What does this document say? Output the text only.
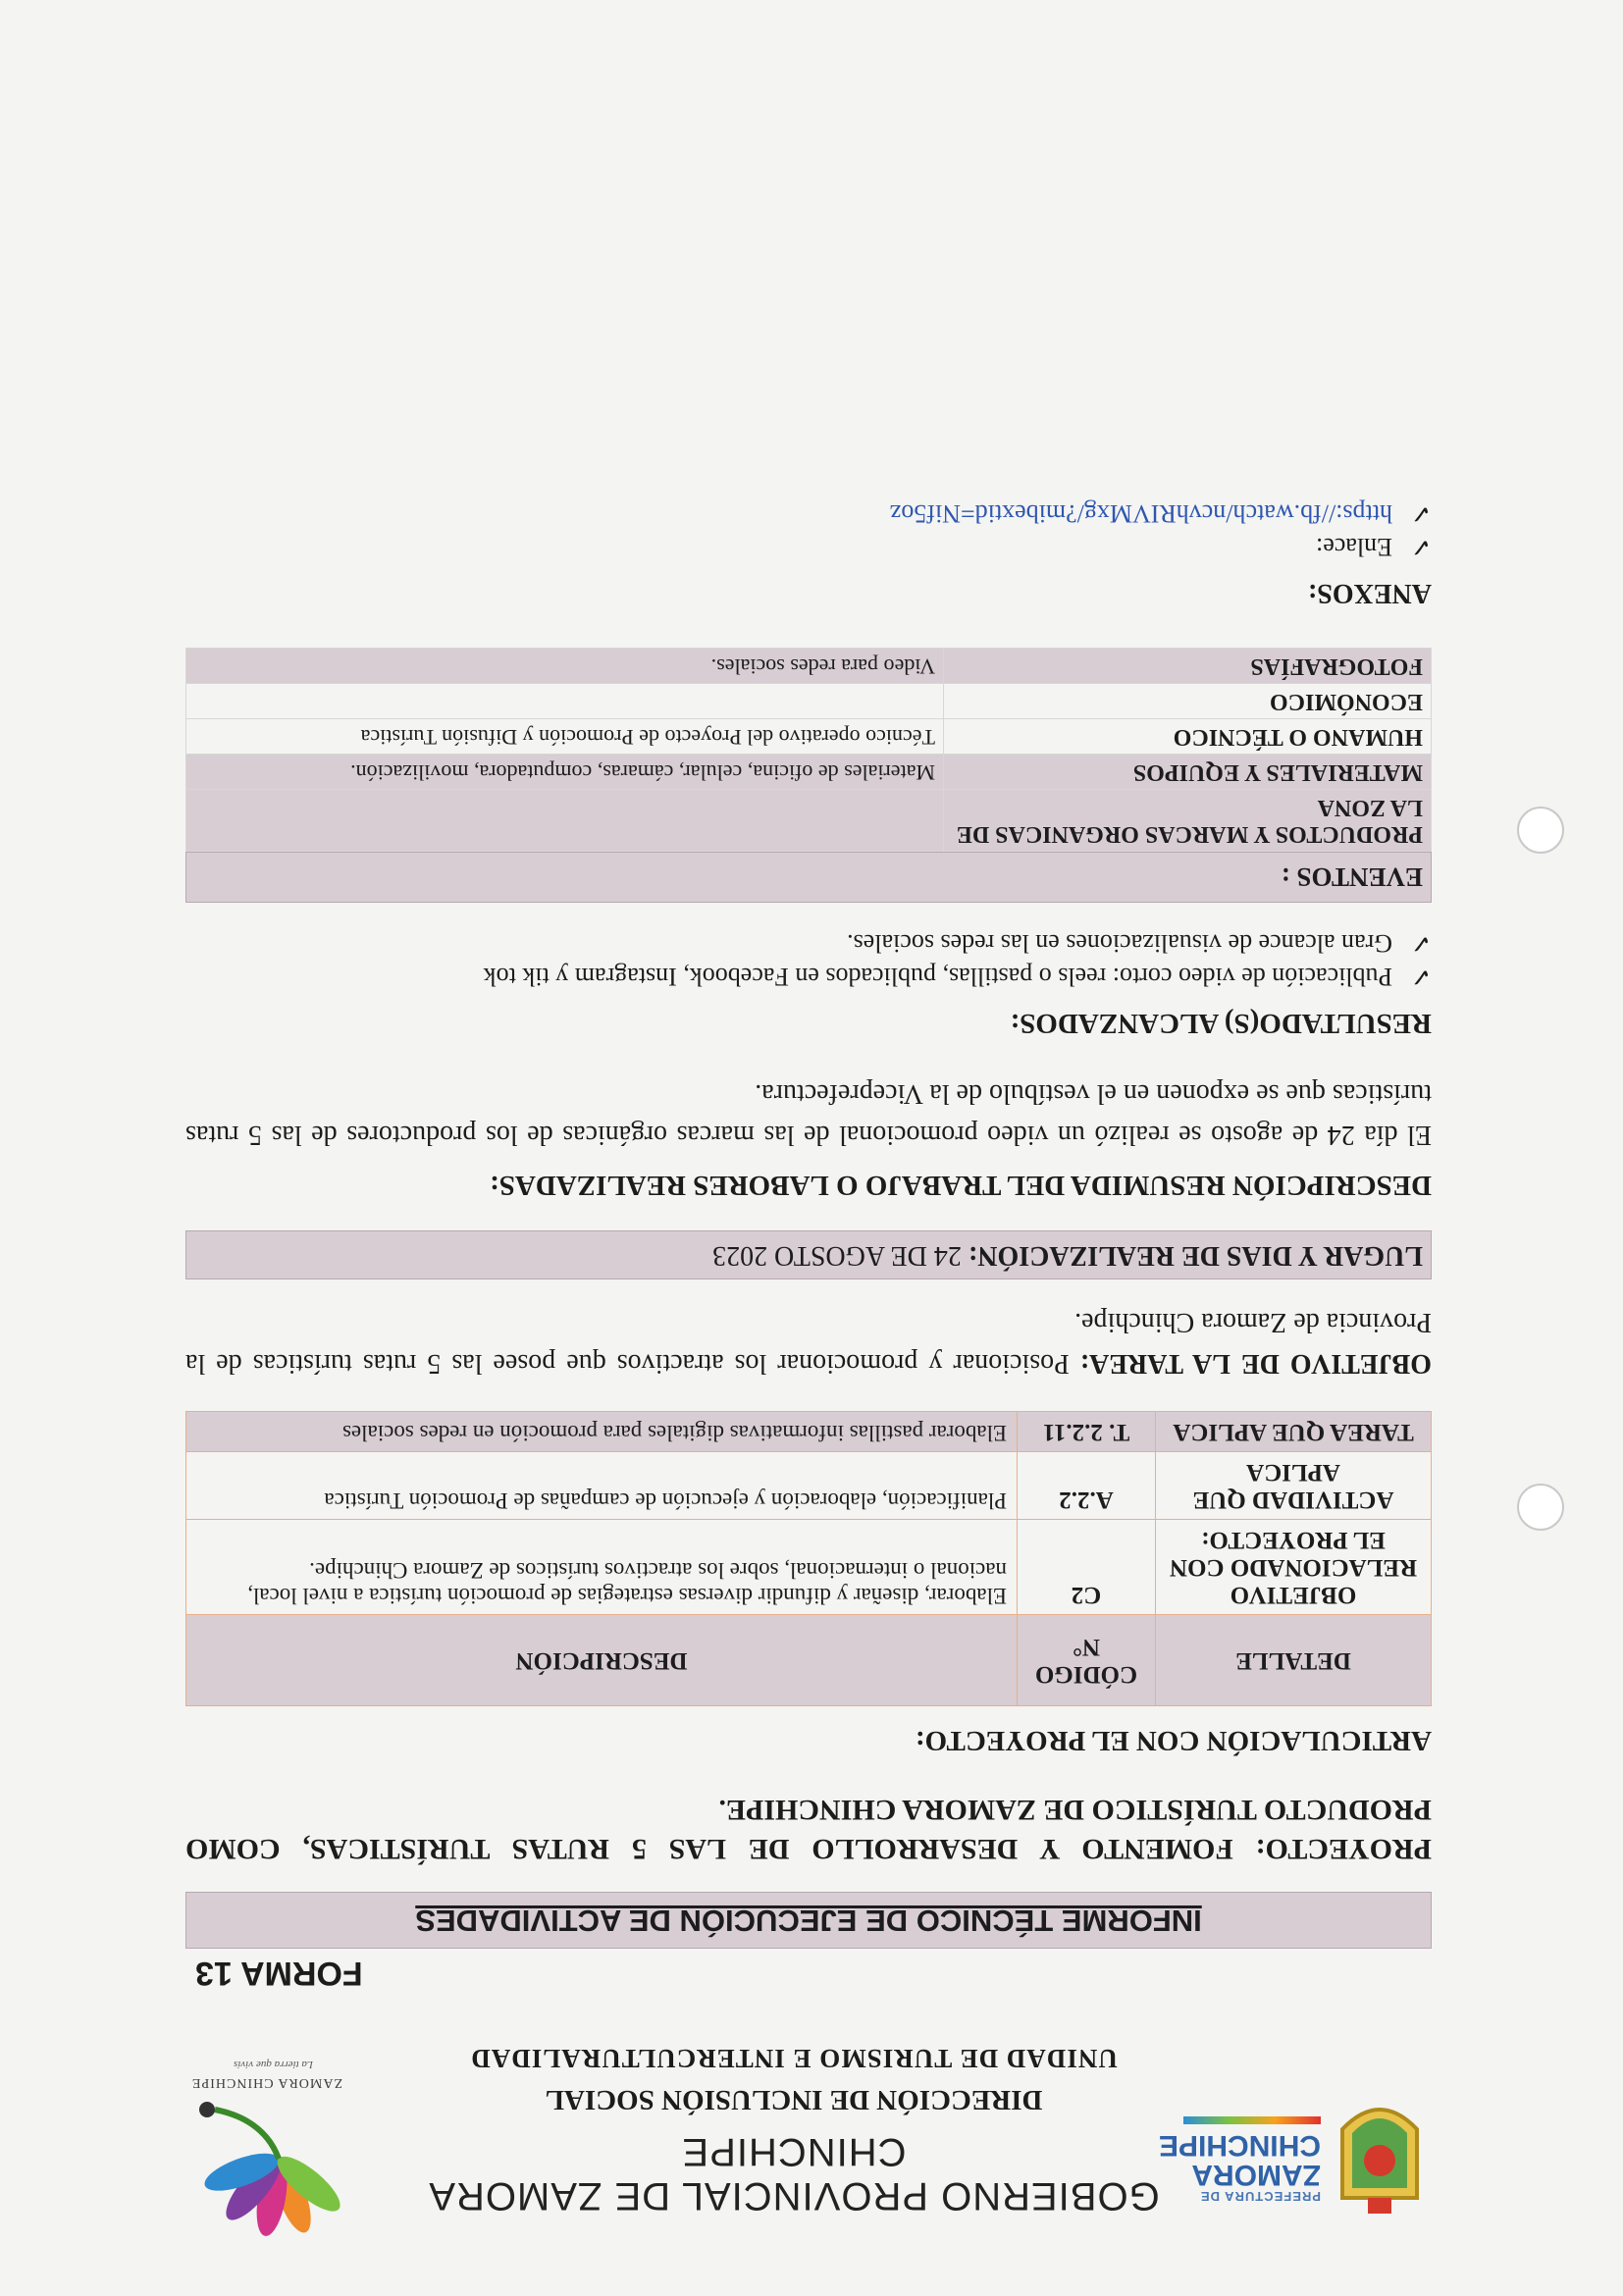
PREFECTURA DE
ZAMORA
CHINCHIPE
GOBIERNO PROVINCIAL DE ZAMORA CHINCHIPE
DIRECCIÓN DE INCLUSIÓN SOCIAL
UNIDAD DE TURISMO E INTERCULTURALIDAD
ZAMORA CHINCHIPE
La tierra que vivís
FORMA 13
INFORME TÉCNICO DE EJECUCIÓN DE ACTIVIDADES
PROYECTO: FOMENTO Y DESARROLLO DE LAS 5 RUTAS TURÍSTICAS, COMO PRODUCTO TURÍSTICO DE ZAMORA CHINCHIPE.
ARTICULACIÓN CON EL PROYECTO:
DETALLE	CÓDIGO N°	DESCRIPCIÓN
OBJETIVO RELACIONADO CON EL PROYECTO:	C2	Elaborar, diseñar y difundir diversas estrategias de promoción turística a nivel local, nacional o internacional, sobre los atractivos turísticos de Zamora Chinchipe.
ACTIVIDAD QUE APLICA	A.2.2	Planificación, elaboración y ejecución de campañas de Promoción Turística
TAREA QUE APLICA	T. 2.2.11	Elaborar pastillas informativas digitales para promoción en redes sociales
OBJETIVO DE LA TAREA: Posicionar y promocionar los atractivos que posee las 5 rutas turísticas de la Provincia de Zamora Chinchipe.
LUGAR Y DIAS DE REALIZACIÓN: 24 DE AGOSTO 2023
DESCRIPCIÓN RESUMIDA DEL TRABAJO O LABORES REALIZADAS:
El día 24 de agosto se realizó un video promocional de las marcas orgánicas de los productores de las 5 rutas turísticas que se exponen en el vestíbulo de la Viceprefectura.
RESULTADO(S) ALCANZADOS:
✓
Publicación de video corto: reels o pastillas, publicados en Facebook, Instagram y tik tok
✓
Gran alcance de visualizaciones en las redes sociales.
EVENTOS :
PRODUCTOS Y MARCAS ORGANICAS DE LA ZONA	
MATERIALES Y EQUIPOS	Materiales de oficina, celular, cámaras, computadora, movilización.
HUMANO O TÉCNICO	Técnico operativo del Proyecto de Promoción y Difusión Turística
ECONÓMICO	
FOTOGRAFÍAS	Video para redes sociales.
ANEXOS:
✓
Enlace:
✓
https://fb.watch/ncvhRIVMxg/?mibextid=Nif5oz
